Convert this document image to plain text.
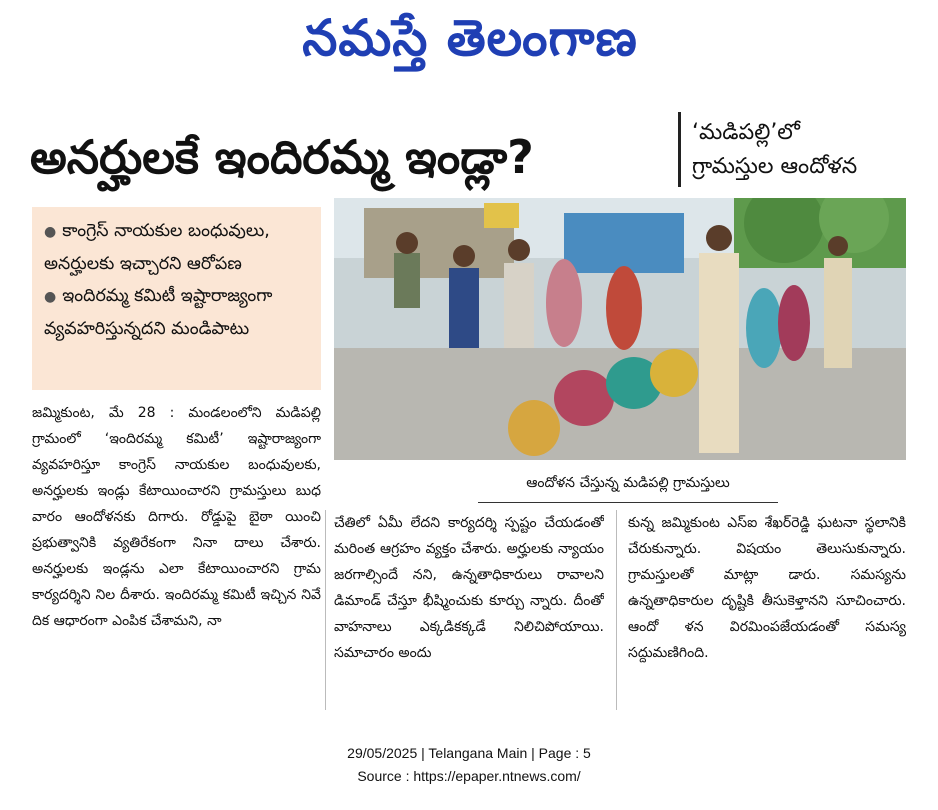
నమస్తే తెలంగాణ
అనర్హులకే ఇందిరమ్మ ఇండ్లా?	‘మడిపల్లి’లో
గ్రామస్తుల ఆందోళన
● కాంగ్రెస్ నాయకుల బంధువులు, అనర్హులకు ఇచ్చారని ఆరోపణ ● ఇందిరమ్మ కమిటీ ఇష్టారాజ్యంగా వ్యవహరిస్తున్నదని మండిపాటు
ఆందోళన చేస్తున్న మడిపల్లి గ్రామస్తులు
జమ్మికుంట, మే 28 : మండలంలోని మడిపల్లి గ్రామంలో ‘ఇందిరమ్మ కమిటీ’ ఇష్టారాజ్యంగా వ్యవహరిస్తూ కాంగ్రెస్ నాయకుల బంధువులకు, అనర్హులకు ఇండ్లు కేటాయించారని గ్రామస్తులు బుధ వారం ఆందోళనకు దిగారు. రోడ్డుపై బైఠా యించి ప్రభుత్వానికి వ్యతిరేకంగా నినా దాలు చేశారు. అనర్హులకు ఇండ్లను ఎలా కేటాయించారని గ్రామ కార్యదర్శిని నిల దీశారు. ఇందిరమ్మ కమిటీ ఇచ్చిన నివే దిక ఆధారంగా ఎంపిక చేశామని, నా
చేతిలో ఏమీ లేదని కార్యదర్శి స్పష్టం చేయడంతో మరింత ఆగ్రహం వ్యక్తం చేశారు. అర్హులకు న్యాయం జరగాల్సిందే నని, ఉన్నతాధికారులు రావాలని డిమాండ్ చేస్తూ భీష్మించుకు కూర్చు న్నారు. దీంతో వాహనాలు ఎక్కడికక్కడే నిలిచిపోయాయి. సమాచారం అందు
కున్న జమ్మికుంట ఎస్ఐ శేఖర్‌రెడ్డి ఘటనా స్థలానికి చేరుకున్నారు. విషయం తెలుసుకున్నారు. గ్రామస్తులతో మాట్లా డారు. సమస్యను ఉన్నతాధికారుల దృష్టికి తీసుకెళ్తానని సూచించారు. ఆందో ళన విరమింపజేయడంతో సమస్య సద్దుమణిగింది.
29/05/2025 | Telangana Main | Page : 5
Source : https://epaper.ntnews.com/
